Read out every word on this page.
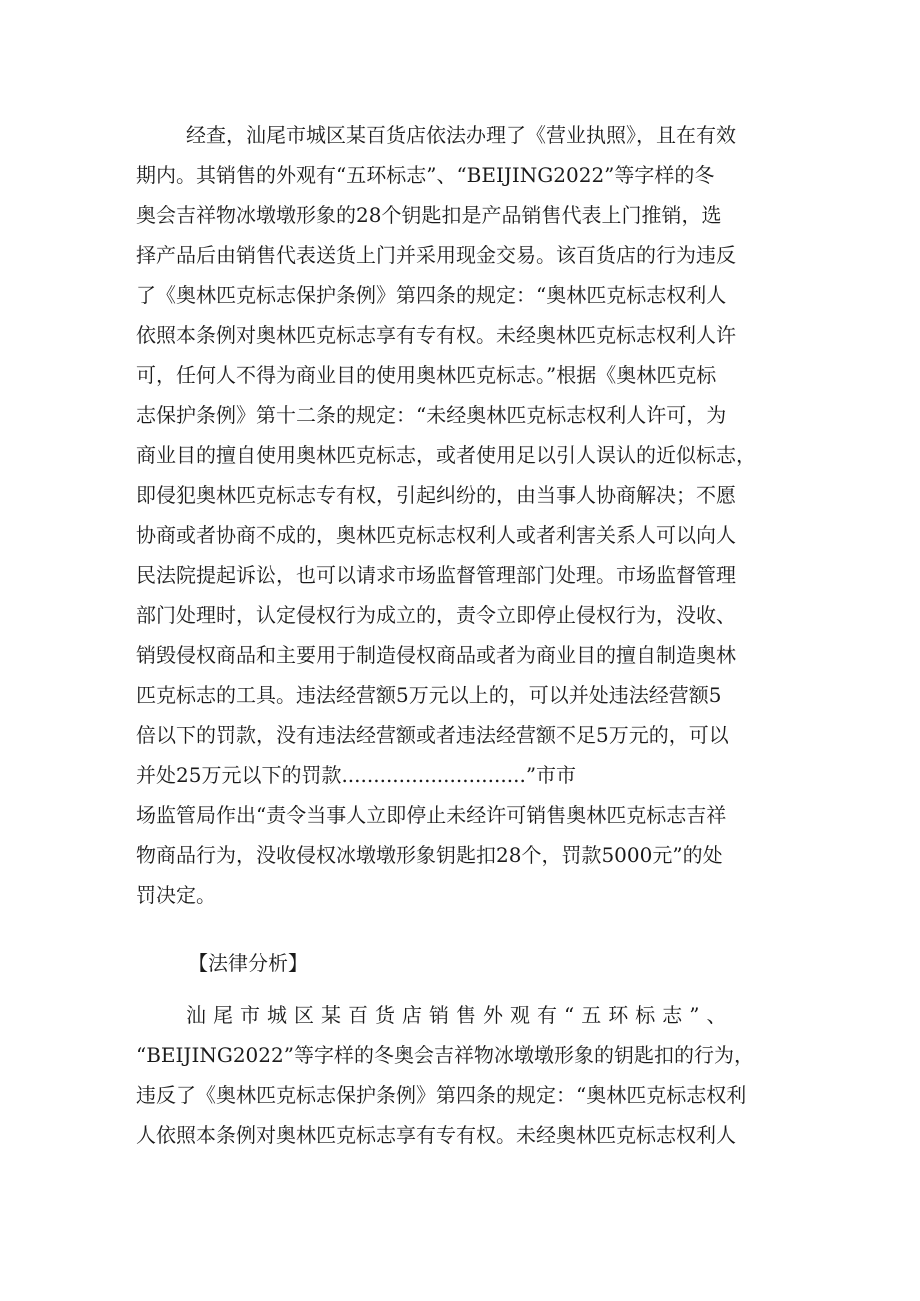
经查，汕尾市城区某百货店依法办理了《营业执照》，且在有效
期内。其销售的外观有“五环标志”、“BEIJING2022”等字样的冬
奥会吉祥物冰墩墩形象的28个钥匙扣是产品销售代表上门推销，选
择产品后由销售代表送货上门并采用现金交易。该百货店的行为违反
了《奥林匹克标志保护条例》第四条的规定：“奥林匹克标志权利人
依照本条例对奥林匹克标志享有专有权。未经奥林匹克标志权利人许
可，任何人不得为商业目的使用奥林匹克标志。”根据《奥林匹克标
志保护条例》第十二条的规定：“未经奥林匹克标志权利人许可，为
商业目的擅自使用奥林匹克标志，或者使用足以引人误认的近似标志，
即侵犯奥林匹克标志专有权，引起纠纷的，由当事人协商解决；不愿
协商或者协商不成的，奥林匹克标志权利人或者利害关系人可以向人
民法院提起诉讼，也可以请求市场监督管理部门处理。市场监督管理
部门处理时，认定侵权行为成立的，责令立即停止侵权行为，没收、
销毁侵权商品和主要用于制造侵权商品或者为商业目的擅自制造奥林
匹克标志的工具。违法经营额5万元以上的，可以并处违法经营额5
倍以下的罚款，没有违法经营额或者违法经营额不足5万元的，可以
并处25万元以下的罚款.............................”市市
场监管局作出“责令当事人立即停止未经许可销售奥林匹克标志吉祥
物商品行为，没收侵权冰墩墩形象钥匙扣28个，罚款5000元”的处
罚决定。
【法律分析】
汕尾市城区某百货店销售外观有“五环标志”、
“BEIJING2022”等字样的冬奥会吉祥物冰墩墩形象的钥匙扣的行为，
违反了《奥林匹克标志保护条例》第四条的规定：“奥林匹克标志权利
人依照本条例对奥林匹克标志享有专有权。未经奥林匹克标志权利人
